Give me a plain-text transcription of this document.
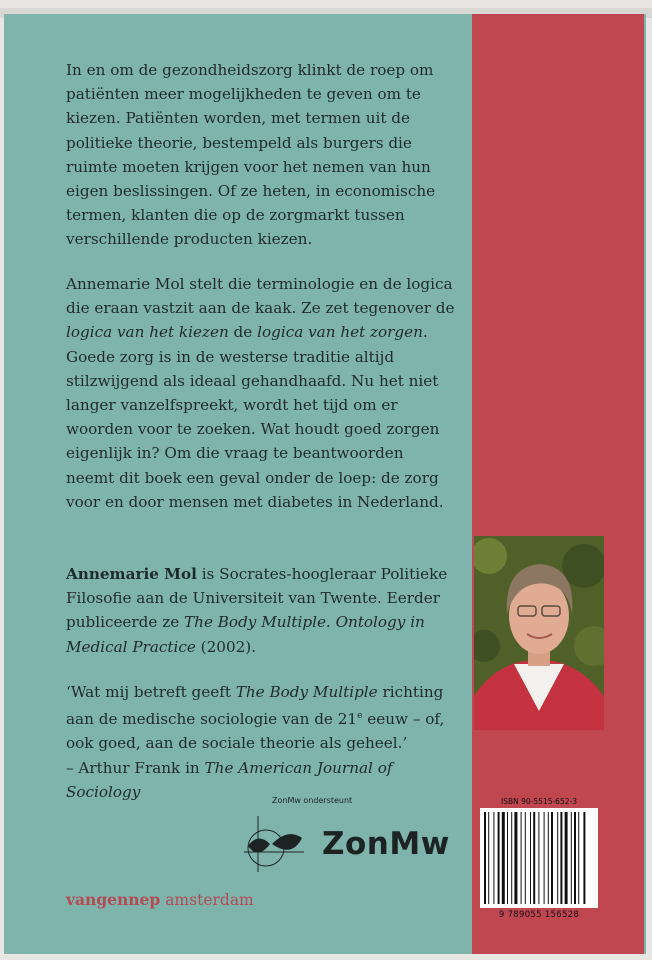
In en om de gezondheidszorg klinkt de roep om patiënten meer mogelijkheden te geven om te kiezen. Patiënten worden, met termen uit de politieke theorie, bestempeld als burgers die ruimte moeten krijgen voor het nemen van hun eigen beslissingen. Of ze heten, in economische termen, klanten die op de zorgmarkt tussen verschillende producten kiezen.

Annemarie Mol stelt die terminologie en de logica die eraan vastzit aan de kaak. Ze zet tegenover de logica van het kiezen de logica van het zorgen. Goede zorg is in de westerse traditie altijd stilzwijgend als ideaal gehandhaafd. Nu het niet langer vanzelfspreekt, wordt het tijd om er woorden voor te zoeken. Wat houdt goed zorgen eigenlijk in? Om die vraag te beantwoorden neemt dit boek een geval onder de loep: de zorg voor en door mensen met diabetes in Nederland.

Annemarie Mol is Socrates-hoogleraar Politieke Filosofie aan de Universiteit van Twente. Eerder publiceerde ze The Body Multiple. Ontology in Medical Practice (2002).

‘Wat mij betreft geeft The Body Multiple richting aan de medische sociologie van de 21e eeuw – of, ook goed, aan de sociale theorie als geheel.’

– Arthur Frank in The American Journal of Sociology	ZonMw ondersteunt
ZonMw
vangennep amsterdam
ISBN 90-5515-652-3
9 789055 156528
